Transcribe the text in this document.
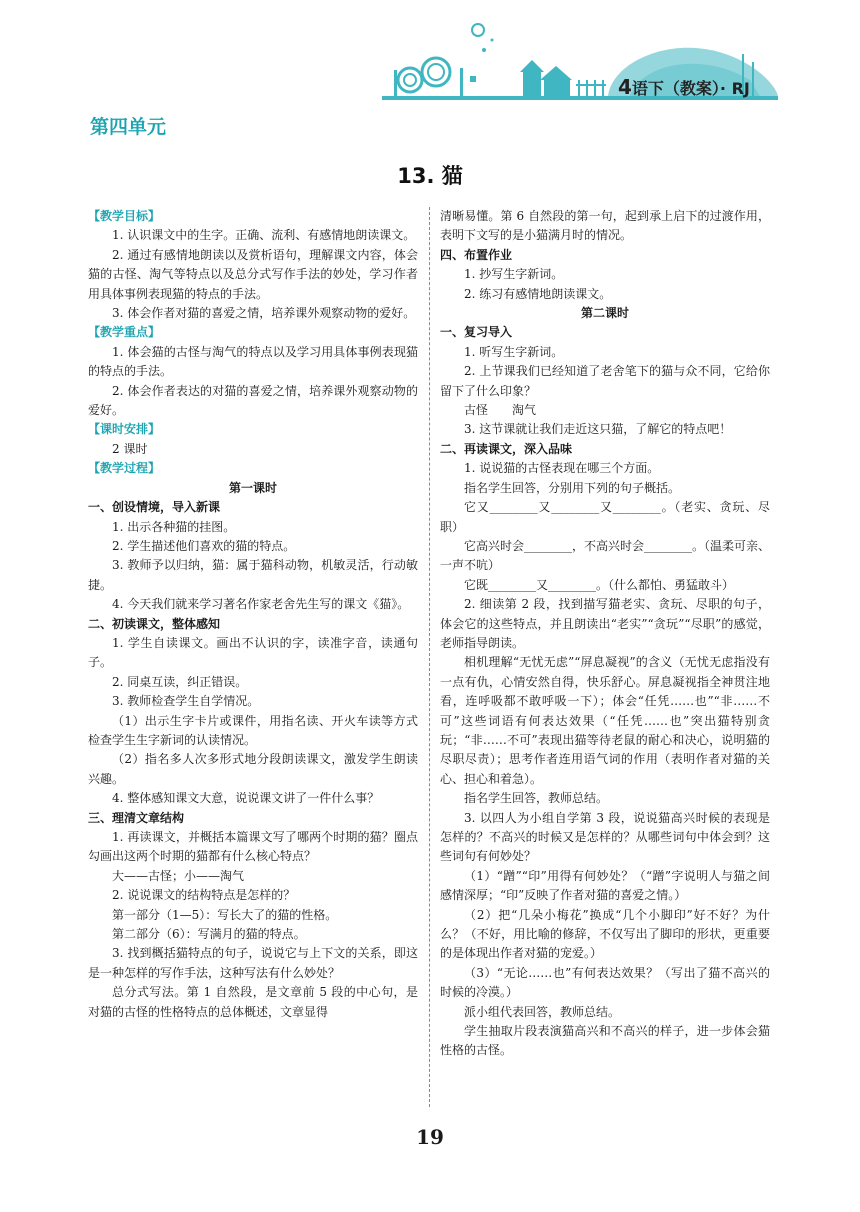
4语下（教案）· RJ
第四单元
13. 猫

【教学目标】

1. 认识课文中的生字。正确、流利、有感情地朗读课文。

2. 通过有感情地朗读以及赏析语句，理解课文内容，体会猫的古怪、淘气等特点以及总分式写作手法的妙处，学习作者用具体事例表现猫的特点的手法。

3. 体会作者对猫的喜爱之情，培养课外观察动物的爱好。

【教学重点】

1. 体会猫的古怪与淘气的特点以及学习用具体事例表现猫的特点的手法。

2. 体会作者表达的对猫的喜爱之情，培养课外观察动物的爱好。

【课时安排】

2 课时

【教学过程】

第一课时

一、创设情境，导入新课

1. 出示各种猫的挂图。

2. 学生描述他们喜欢的猫的特点。

3. 教师予以归纳，猫：属于猫科动物，机敏灵活，行动敏捷。

4. 今天我们就来学习著名作家老舍先生写的课文《猫》。

二、初读课文，整体感知

1. 学生自读课文。画出不认识的字，读准字音，读通句子。

2. 同桌互读，纠正错误。

3. 教师检查学生自学情况。

（1）出示生字卡片或课件，用指名读、开火车读等方式检查学生生字新词的认读情况。

（2）指名多人次多形式地分段朗读课文，激发学生朗读兴趣。

4. 整体感知课文大意，说说课文讲了一件什么事？

三、理清文章结构

1. 再读课文，并概括本篇课文写了哪两个时期的猫？圈点勾画出这两个时期的猫都有什么核心特点？

大——古怪；小——淘气

2. 说说课文的结构特点是怎样的？

第一部分（1—5）：写长大了的猫的性格。

第二部分（6）：写满月的猫的特点。

3. 找到概括猫特点的句子，说说它与上下文的关系，即这是一种怎样的写作手法，这种写法有什么妙处？

总分式写法。第 1 自然段，是文章前 5 段的中心句，是对猫的古怪的性格特点的总体概述，文章显得

清晰易懂。第 6 自然段的第一句，起到承上启下的过渡作用，表明下文写的是小猫满月时的情况。

四、布置作业

1. 抄写生字新词。

2. 练习有感情地朗读课文。

第二课时

一、复习导入

1. 听写生字新词。

2. 上节课我们已经知道了老舍笔下的猫与众不同，它给你留下了什么印象？

古怪　　淘气

3. 这节课就让我们走近这只猫，了解它的特点吧！

二、再读课文，深入品味

1. 说说猫的古怪表现在哪三个方面。

指名学生回答，分别用下列的句子概括。

它又________又________又________。（老实、贪玩、尽职）

它高兴时会________，不高兴时会________。（温柔可亲、一声不吭）

它既________又________。（什么都怕、勇猛敢斗）

2. 细读第 2 段，找到描写猫老实、贪玩、尽职的句子，体会它的这些特点，并且朗读出“老实”“贪玩”“尽职”的感觉，老师指导朗读。

相机理解“无忧无虑”“屏息凝视”的含义（无忧无虑指没有一点有仇，心情安然自得，快乐舒心。屏息凝视指全神贯注地看，连呼吸都不敢呼吸一下）；体会“任凭……也”“非……不可”这些词语有何表达效果（“任凭……也”突出猫特别贪玩；“非……不可”表现出猫等待老鼠的耐心和决心，说明猫的尽职尽责）；思考作者连用语气词的作用（表明作者对猫的关心、担心和着急）。

指名学生回答，教师总结。

3. 以四人为小组自学第 3 段，说说猫高兴时候的表现是怎样的？不高兴的时候又是怎样的？从哪些词句中体会到？这些词句有何妙处？

（1）“蹭”“印”用得有何妙处？（“蹭”字说明人与猫之间感情深厚；“印”反映了作者对猫的喜爱之情。）

（2）把“几朵小梅花”换成“几个小脚印”好不好？为什么？（不好，用比喻的修辞，不仅写出了脚印的形状，更重要的是体现出作者对猫的宠爱。）

（3）“无论……也”有何表达效果？（写出了猫不高兴的时候的冷漠。）

派小组代表回答，教师总结。

学生抽取片段表演猫高兴和不高兴的样子，进一步体会猫性格的古怪。

19
